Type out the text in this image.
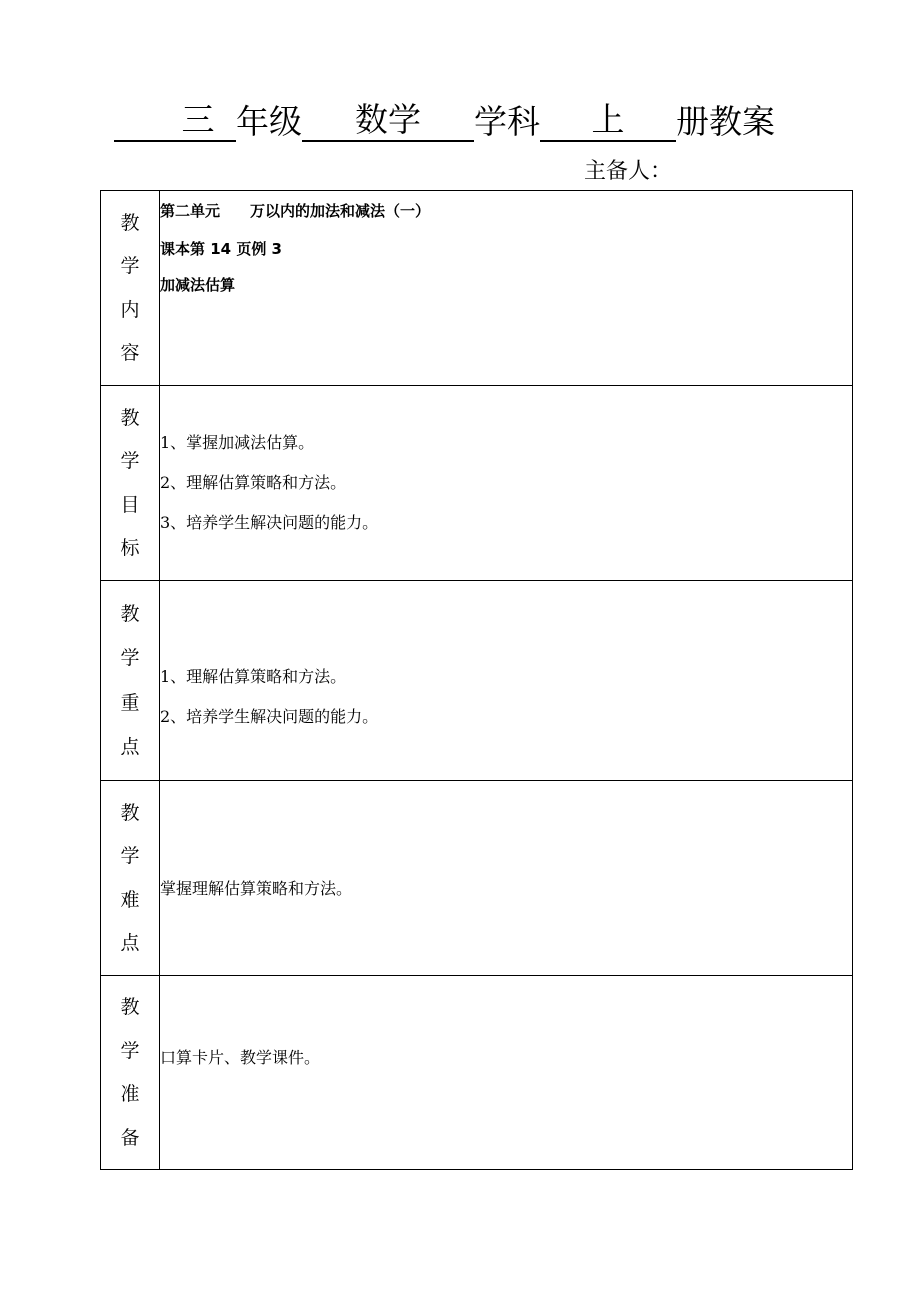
三 年级	数学	学科	上	册教案
主备人：
教
学
内
容	第二单元　　万以内的加法和减法（一）
课本第 14 页例 3
加减法估算

教
学
目
标	1、掌握加减法估算。
2、理解估算策略和方法。
3、培养学生解决问题的能力。

教
学
重
点	1、理解估算策略和方法。
2、培养学生解决问题的能力。

教
学
难
点	掌握理解估算策略和方法。

教
学
准
备	口算卡片、教学课件。
